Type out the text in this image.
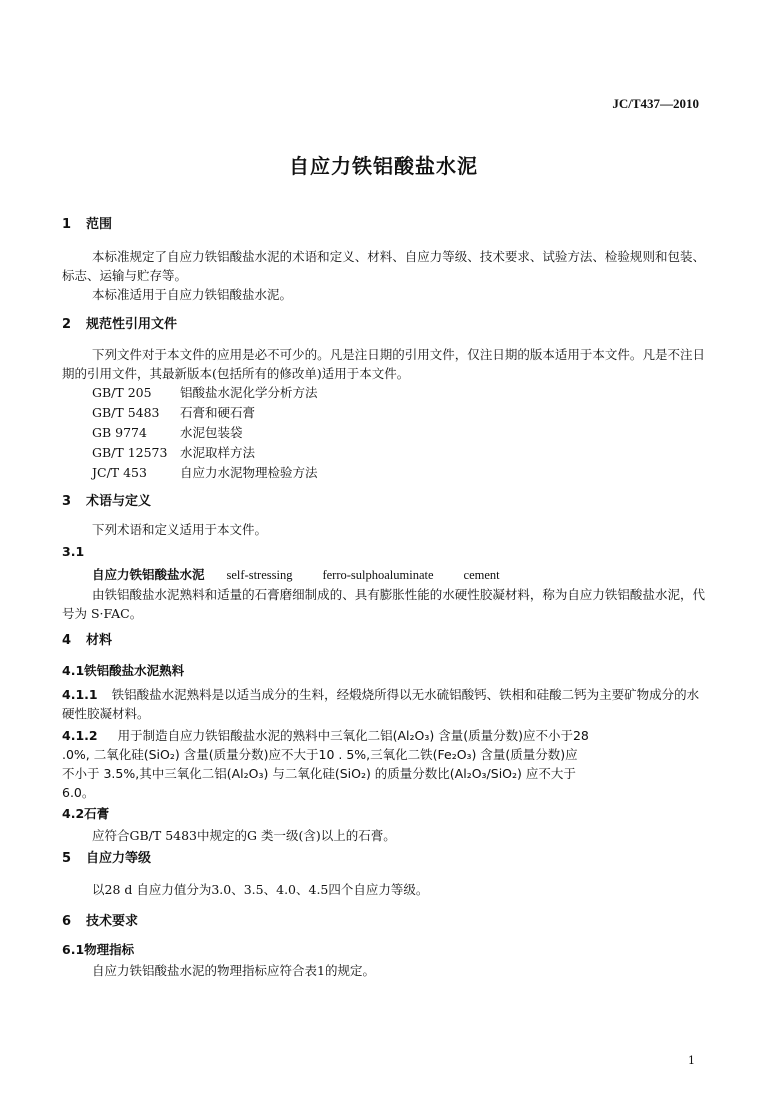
JC/T437—2010
自应力铁铝酸盐水泥
1 范围
本标准规定了自应力铁铝酸盐水泥的术语和定义、材料、自应力等级、技术要求、试验方法、检验规则和包装、标志、运输与贮存等。
本标准适用于自应力铁铝酸盐水泥。
2 规范性引用文件
下列文件对于本文件的应用是必不可少的。凡是注日期的引用文件，仅注日期的版本适用于本文件。凡是不注日期的引用文件，其最新版本(包括所有的修改单)适用于本文件。
GB/T 205 铝酸盐水泥化学分析方法
GB/T 5483 石膏和硬石膏
GB 9774	水泥包装袋
GB/T 12573 水泥取样方法
JC/T 453	自应力水泥物理检验方法
3 术语与定义
下列术语和定义适用于本文件。
3.1
自应力铁铝酸盐水泥 self-stressing ferro-sulphoaluminate cement
由铁铝酸盐水泥熟料和适量的石膏磨细制成的、具有膨胀性能的水硬性胶凝材料，称为自应力铁铝酸盐水泥，代号为 S·FAC。
4 材料
4.1铁铝酸盐水泥熟料
4.1.1 铁铝酸盐水泥熟料是以适当成分的生料，经煅烧所得以无水硫铝酸钙、铁相和硅酸二钙为主要矿物成分的水硬性胶凝材料。
4.1.2 用于制造自应力铁铝酸盐水泥的熟料中三氧化二铝(Al₂O₃) 含量(质量分数)应不小于28
.0%, 二氧化硅(SiO₂) 含量(质量分数)应不大于10 . 5%,三氧化二铁(Fe₂O₃) 含量(质量分数)应
不小于 3.5%,其中三氧化二铝(Al₂O₃) 与二氧化硅(SiO₂) 的质量分数比(Al₂O₃/SiO₂) 应不大于
6.0。
4.2石膏
应符合GB/T 5483中规定的G 类一级(含)以上的石膏。
5 自应力等级
以28 d 自应力值分为3.0、3.5、4.0、4.5四个自应力等级。
6 技术要求
6.1物理指标
自应力铁铝酸盐水泥的物理指标应符合表1的规定。
1
